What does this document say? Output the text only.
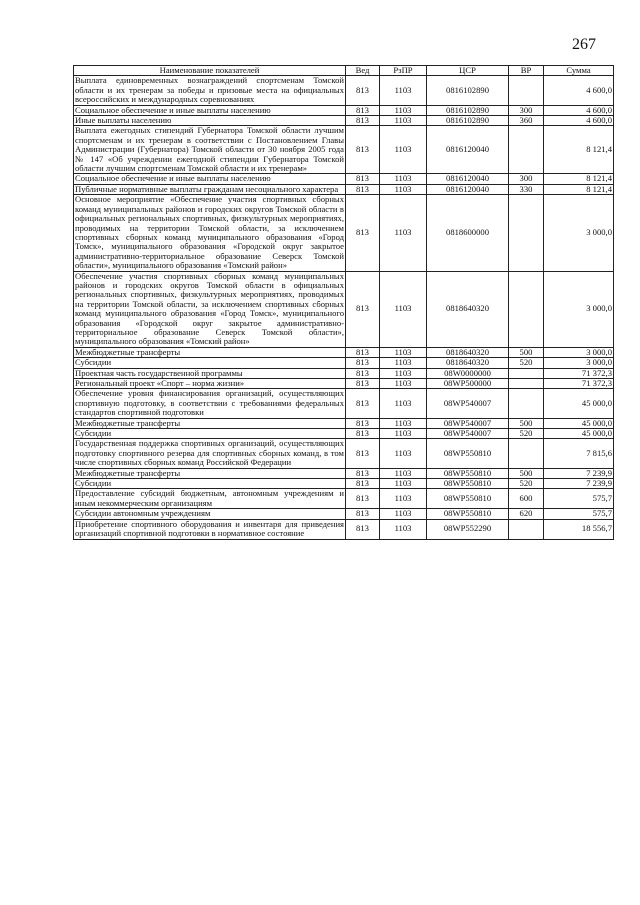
267
Наименование показателей	Вед	РзПР	ЦСР	ВР	Сумма
Выплата единовременных вознаграждений спортсменам Томской области и их тренерам за победы и призовые места на официальных всероссийских и международных соревнованиях	813	1103	0816102890		4 600,0
Социальное обеспечение и иные выплаты населению	813	1103	0816102890	300	4 600,0
Иные выплаты населению	813	1103	0816102890	360	4 600,0
Выплата ежегодных стипендий Губернатора Томской области лучшим спортсменам и их тренерам в соответствии с Постановлением Главы Администрации (Губернатора) Томской области от 30 ноября 2005 года № 147 «Об учреждении ежегодной стипендии Губернатора Томской области лучшим спортсменам Томской области и их тренерам»	813	1103	0816120040		8 121,4
Социальное обеспечение и иные выплаты населению	813	1103	0816120040	300	8 121,4
Публичные нормативные выплаты гражданам несоциального характера	813	1103	0816120040	330	8 121,4
Основное мероприятие «Обеспечение участия спортивных сборных команд муниципальных районов и городских округов Томской области в официальных региональных спортивных, физкультурных мероприятиях, проводимых на территории Томской области, за исключением спортивных сборных команд муниципального образования «Город Томск», муниципального образования «Городской округ закрытое административно-территориальное образование Северск Томской области», муниципального образования «Томский район»	813	1103	0818600000		3 000,0
Обеспечение участия спортивных сборных команд муниципальных районов и городских округов Томской области в официальных региональных спортивных, физкультурных мероприятиях, проводимых на территории Томской области, за исключением спортивных сборных команд муниципального образования «Город Томск», муниципального образования «Городской округ закрытое административно-территориальное образование Северск Томской области», муниципального образования «Томский район»	813	1103	0818640320		3 000,0
Межбюджетные трансферты	813	1103	0818640320	500	3 000,0
Субсидии	813	1103	0818640320	520	3 000,0
Проектная часть государственной программы	813	1103	08W0000000		71 372,3
Региональный проект «Спорт – норма жизни»	813	1103	08WP500000		71 372,3
Обеспечение уровня финансирования организаций, осуществляющих спортивную подготовку, в соответствии с требованиями федеральных стандартов спортивной подготовки	813	1103	08WP540007		45 000,0
Межбюджетные трансферты	813	1103	08WP540007	500	45 000,0
Субсидии	813	1103	08WP540007	520	45 000,0
Государственная поддержка спортивных организаций, осуществляющих подготовку спортивного резерва для спортивных сборных команд, в том числе спортивных сборных команд Российской Федерации	813	1103	08WP550810		7 815,6
Межбюджетные трансферты	813	1103	08WP550810	500	7 239,9
Субсидии	813	1103	08WP550810	520	7 239,9
Предоставление субсидий бюджетным, автономным учреждениям и иным некоммерческим организациям	813	1103	08WP550810	600	575,7
Субсидии автономным учреждениям	813	1103	08WP550810	620	575,7
Приобретение спортивного оборудования и инвентаря для приведения организаций спортивной подготовки в нормативное состояние	813	1103	08WP552290		18 556,7
